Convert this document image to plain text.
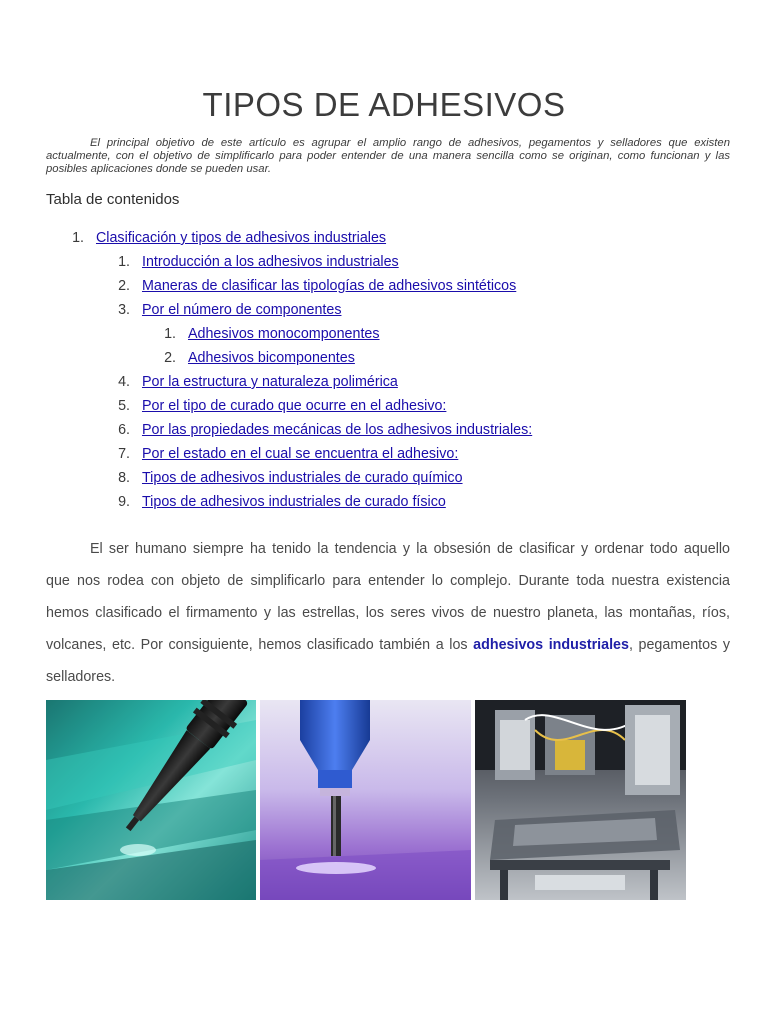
TIPOS DE ADHESIVOS

El principal objetivo de este artículo es agrupar el amplio rango de adhesivos, pegamentos y selladores que existen actualmente, con el objetivo de simplificarlo para poder entender de una manera sencilla como se originan, como funcionan y las posibles aplicaciones donde se pueden usar.

Tabla de contenidos
1. Clasificación y tipos de adhesivos industriales
1. Introducción a los adhesivos industriales
2. Maneras de clasificar las tipologías de adhesivos sintéticos
3. Por el número de componentes
1. Adhesivos monocomponentes
2. Adhesivos bicomponentes
4. Por la estructura y naturaleza polimérica
5. Por el tipo de curado que ocurre en el adhesivo:
6. Por las propiedades mecánicas de los adhesivos industriales:
7. Por el estado en el cual se encuentra el adhesivo:
8. Tipos de adhesivos industriales de curado químico
9. Tipos de adhesivos industriales de curado físico

El ser humano siempre ha tenido la tendencia y la obsesión de clasificar y ordenar todo aquello que nos rodea con objeto de simplificarlo para entender lo complejo. Durante toda nuestra existencia hemos clasificado el firmamento y las estrellas, los seres vivos de nuestro planeta, las montañas, ríos, volcanes, etc. Por consiguiente, hemos clasificado también a los adhesivos industriales, pegamentos y selladores.
